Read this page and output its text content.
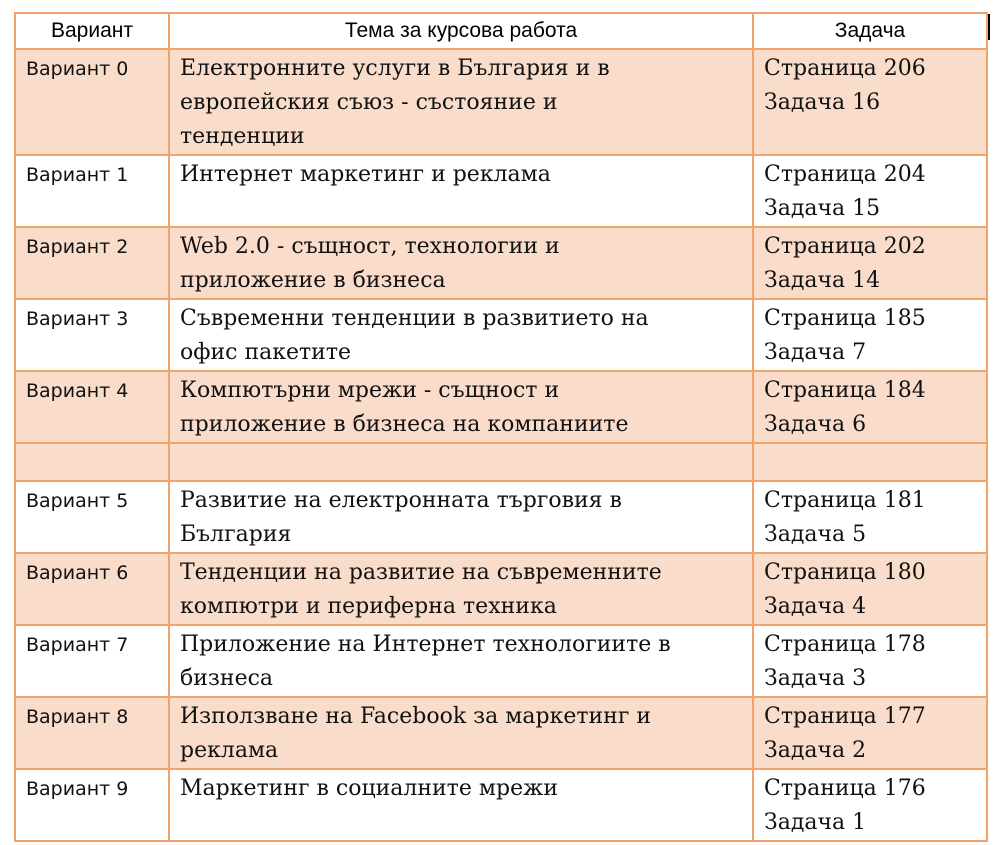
Вариант	Тема за курсова работа	Задача
Вариант 0	Електронните услуги в България и в
европейския съюз - състояние и
тенденции	Страница 206
Задача 16

Вариант 1	Интернет маркетинг и реклама	Страница 204
Задача 15

Вариант 2	Web 2.0 - същност, технологии и
приложение в бизнеса	Страница 202
Задача 14

Вариант 3	Съвременни тенденции в развитието на
офис пакетите	Страница 185
Задача 7

Вариант 4	Компютърни мрежи - същност и
приложение в бизнеса на компаниите	Страница 184
Задача 6

Вариант 5	Развитие на електронната търговия в
България	Страница 181
Задача 5

Вариант 6	Тенденции на развитие на съвременните
компютри и периферна техника	Страница 180
Задача 4

Вариант 7	Приложение на Интернет технологиите в
бизнеса	Страница 178
Задача 3

Вариант 8	Използване на Facebook за маркетинг и
реклама	Страница 177
Задача 2

Вариант 9	Маркетинг в социалните мрежи	Страница 176
Задача 1
